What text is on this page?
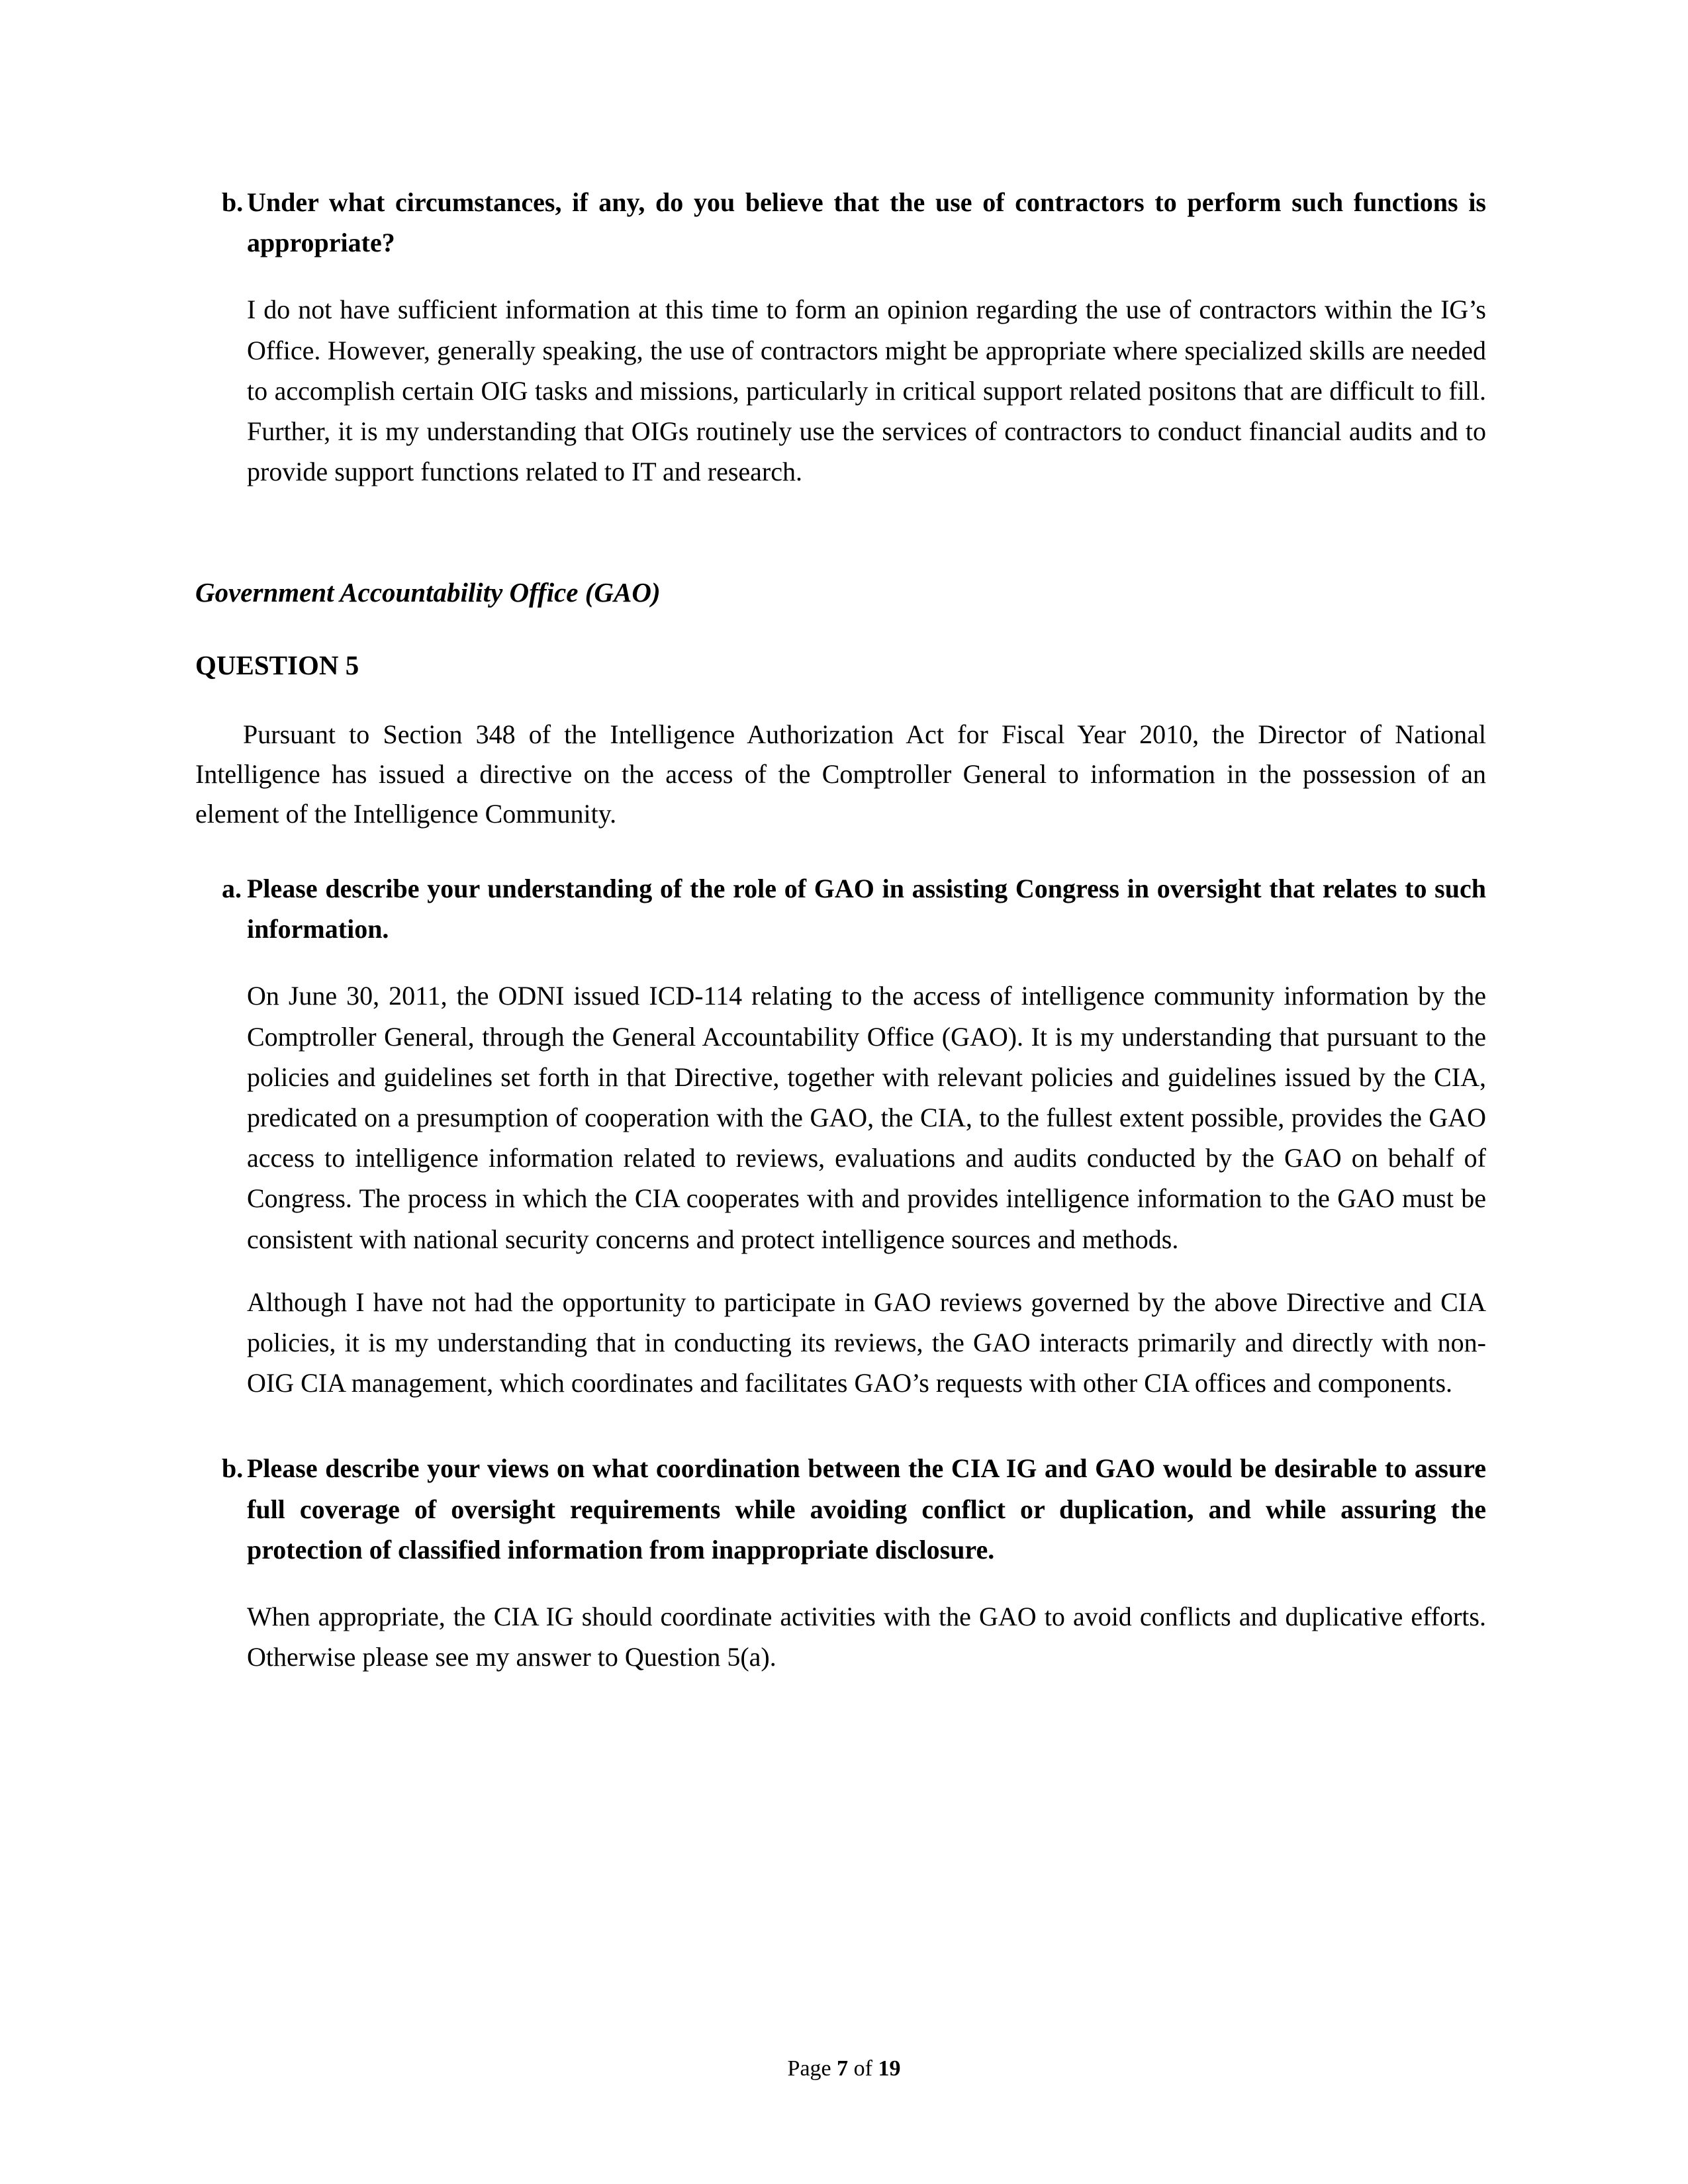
b. Under what circumstances, if any, do you believe that the use of contractors to perform such functions is appropriate?

I do not have sufficient information at this time to form an opinion regarding the use of contractors within the IG’s Office. However, generally speaking, the use of contractors might be appropriate where specialized skills are needed to accomplish certain OIG tasks and missions, particularly in critical support related positons that are difficult to fill. Further, it is my understanding that OIGs routinely use the services of contractors to conduct financial audits and to provide support functions related to IT and research.

Government Accountability Office (GAO)
QUESTION 5

Pursuant to Section 348 of the Intelligence Authorization Act for Fiscal Year 2010, the Director of National Intelligence has issued a directive on the access of the Comptroller General to information in the possession of an element of the Intelligence Community.

a. Please describe your understanding of the role of GAO in assisting Congress in oversight that relates to such information.

On June 30, 2011, the ODNI issued ICD-114 relating to the access of intelligence community information by the Comptroller General, through the General Accountability Office (GAO). It is my understanding that pursuant to the policies and guidelines set forth in that Directive, together with relevant policies and guidelines issued by the CIA, predicated on a presumption of cooperation with the GAO, the CIA, to the fullest extent possible, provides the GAO access to intelligence information related to reviews, evaluations and audits conducted by the GAO on behalf of Congress. The process in which the CIA cooperates with and provides intelligence information to the GAO must be consistent with national security concerns and protect intelligence sources and methods.

Although I have not had the opportunity to participate in GAO reviews governed by the above Directive and CIA policies, it is my understanding that in conducting its reviews, the GAO interacts primarily and directly with non-OIG CIA management, which coordinates and facilitates GAO’s requests with other CIA offices and components.

b. Please describe your views on what coordination between the CIA IG and GAO would be desirable to assure full coverage of oversight requirements while avoiding conflict or duplication, and while assuring the protection of classified information from inappropriate disclosure.

When appropriate, the CIA IG should coordinate activities with the GAO to avoid conflicts and duplicative efforts. Otherwise please see my answer to Question 5(a).

Page 7 of 19
